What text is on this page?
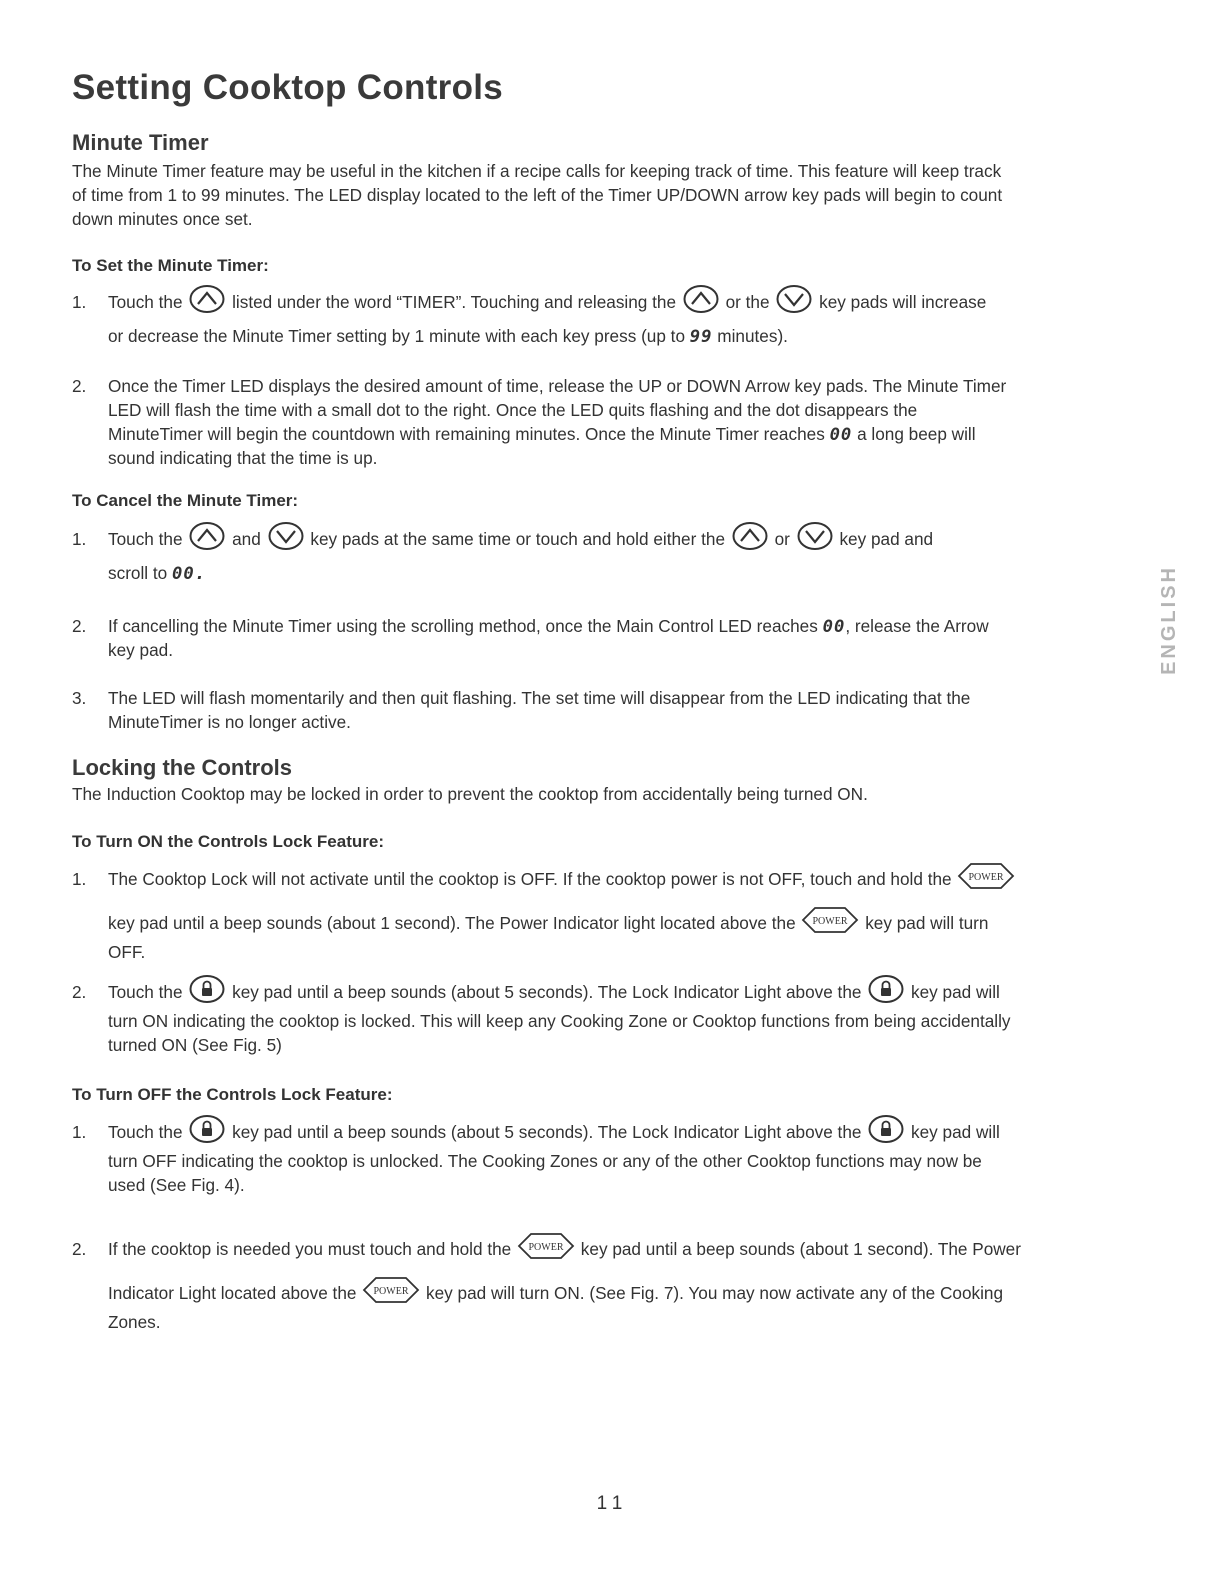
ENGLISH
Setting Cooktop Controls
Minute Timer
The Minute Timer feature may be useful in the kitchen if a recipe calls for keeping track of time. This feature will keep track
of time from 1 to 99 minutes. The LED display located to the left of the Timer UP/DOWN arrow key pads will begin to count
down minutes once set.
To Set the Minute Timer:
1. Touch the	listed under the word “TIMER”. Touching and releasing the	or the	key pads will increase
or decrease the Minute Timer setting by 1 minute with each key press (up to 99 minutes).
2. Once the Timer LED displays the desired amount of time, release the UP or DOWN Arrow key pads. The Minute Timer
LED will flash the time with a small dot to the right. Once the LED quits flashing and the dot disappears the
MinuteTimer will begin the countdown with remaining minutes. Once the Minute Timer reaches 00 a long beep will
sound indicating that the time is up.
To Cancel the Minute Timer:
1. Touch the	and	key pads at the same time or touch and hold either the	or	key pad and
scroll to 00.
2. If cancelling the Minute Timer using the scrolling method, once the Main Control LED reaches 00, release the Arrow
key pad.
3. The LED will flash momentarily and then quit flashing. The set time will disappear from the LED indicating that the
MinuteTimer is no longer active.
Locking the Controls
The Induction Cooktop may be locked in order to prevent the cooktop from accidentally being turned ON.
To Turn ON the Controls Lock Feature:
1. The Cooktop Lock will not activate until the cooktop is OFF. If the cooktop power is not OFF, touch and hold the POWER
key pad until a beep sounds (about 1 second). The Power Indicator light located above the POWER key pad will turn
OFF.
2. Touch the	key pad until a beep sounds (about 5 seconds). The Lock Indicator Light above the	key pad will
turn ON indicating the cooktop is locked. This will keep any Cooking Zone or Cooktop functions from being accidentally
turned ON (See Fig. 5)
To Turn OFF the Controls Lock Feature:
1. Touch the	key pad until a beep sounds (about 5 seconds). The Lock Indicator Light above the	key pad will
turn OFF indicating the cooktop is unlocked. The Cooking Zones or any of the other Cooktop functions may now be
used (See Fig. 4).
2. If the cooktop is needed you must touch and hold the POWER key pad until a beep sounds (about 1 second). The Power
Indicator Light located above the POWER key pad will turn ON. (See Fig. 7). You may now activate any of the Cooking
Zones.
11
